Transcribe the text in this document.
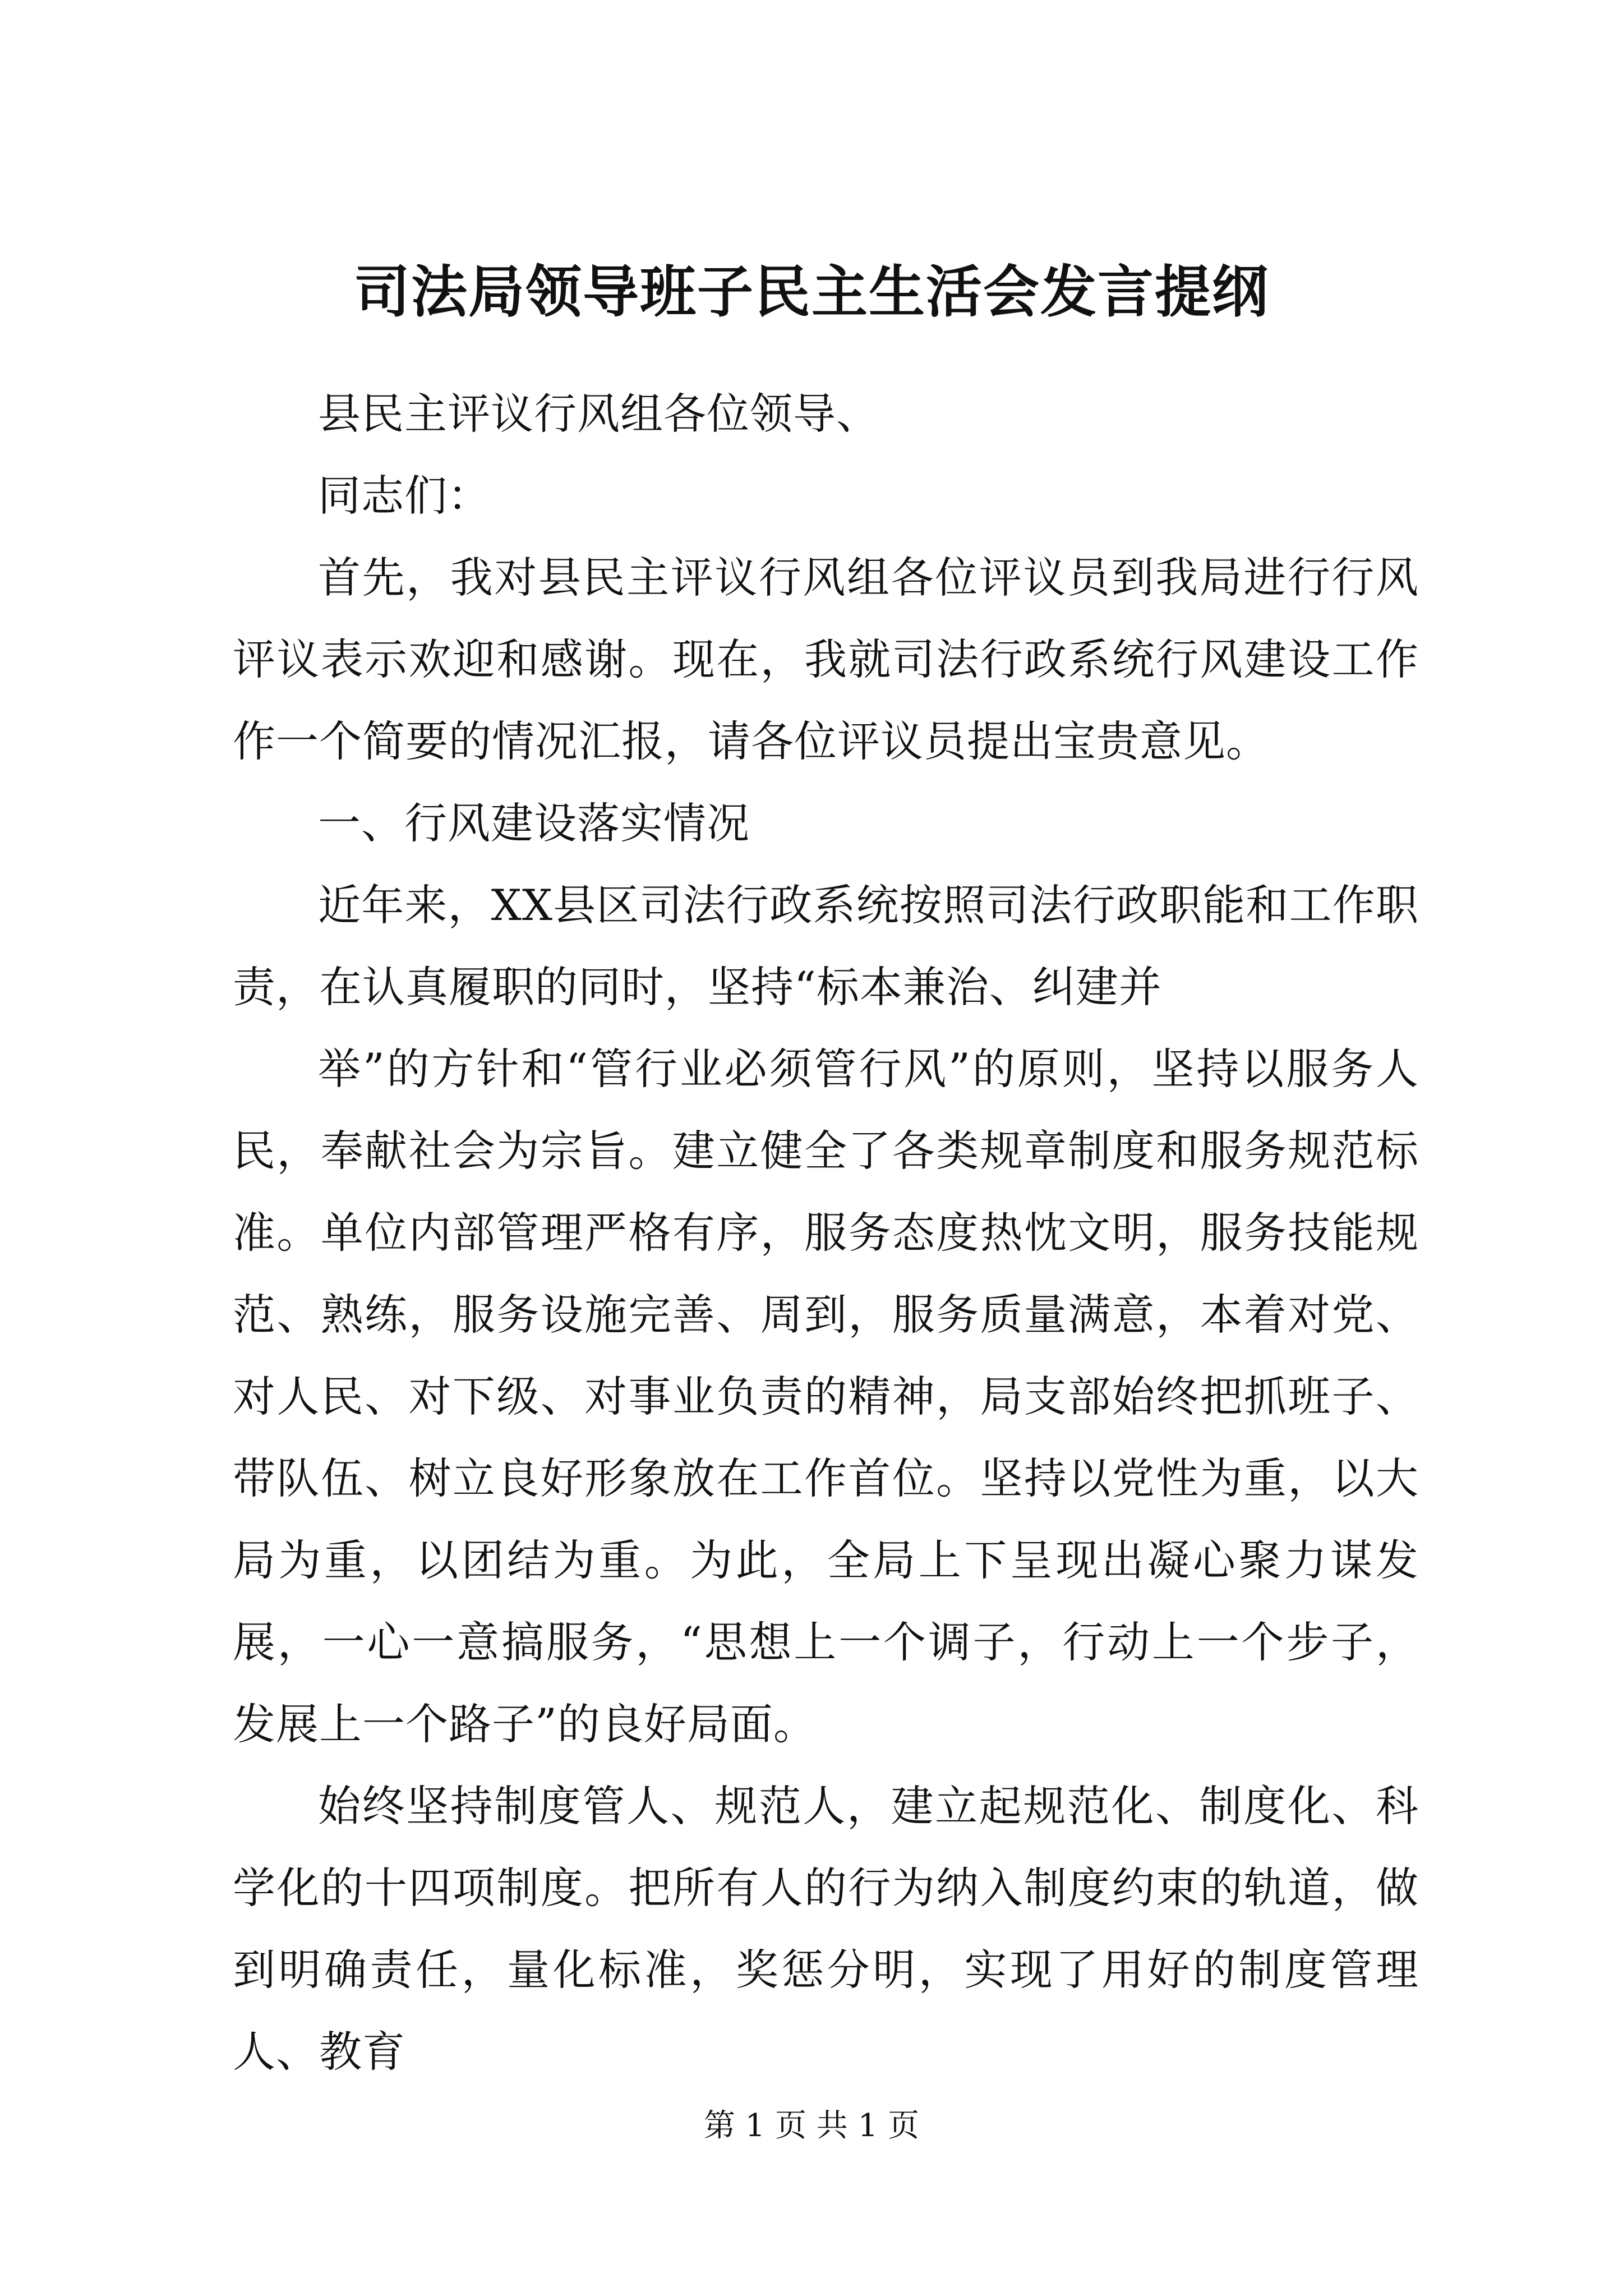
司法局领导班子民主生活会发言提纲

县民主评议行风组各位领导、

同志们：

首先，我对县民主评议行风组各位评议员到我局进行行风评议表示欢迎和感谢。现在，我就司法行政系统行风建设工作作一个简要的情况汇报，请各位评议员提出宝贵意见。

一、行风建设落实情况

近年来，XX县区司法行政系统按照司法行政职能和工作职责，在认真履职的同时，坚持“标本兼治、纠建并

举”的方针和“管行业必须管行风”的原则，坚持以服务人民，奉献社会为宗旨。建立健全了各类规章制度和服务规范标准。单位内部管理严格有序，服务态度热忱文明，服务技能规范、熟练，服务设施完善、周到，服务质量满意，本着对党、对人民、对下级、对事业负责的精神，局支部始终把抓班子、带队伍、树立良好形象放在工作首位。坚持以党性为重，以大局为重，以团结为重。为此，全局上下呈现出凝心聚力谋发展，一心一意搞服务，“思想上一个调子，行动上一个步子，发展上一个路子”的良好局面。

始终坚持制度管人、规范人，建立起规范化、制度化、科学化的十四项制度。把所有人的行为纳入制度约束的轨道，做到明确责任，量化标准，奖惩分明，实现了用好的制度管理人、教育

第 1 页 共 1 页
